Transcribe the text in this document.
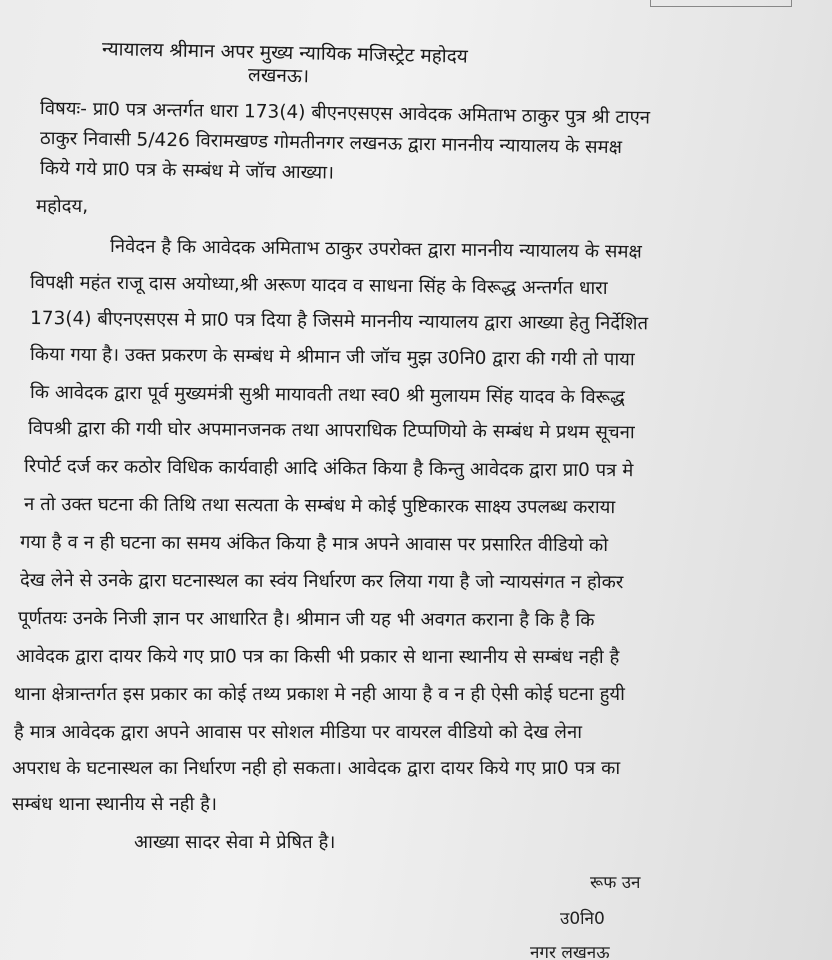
न्यायालय श्रीमान अपर मुख्य न्यायिक मजिस्ट्रेट महोदय
लखनऊ।
विषयः- प्रा0 पत्र अन्तर्गत धारा 173(4) बीएनएसएस आवेदक अमिताभ ठाकुर पुत्र श्री टाएन
ठाकुर निवासी 5/426 विरामखण्ड गोमतीनगर लखनऊ द्वारा माननीय न्यायालय के समक्ष
किये गये प्रा0 पत्र के सम्बंध मे जॉच आख्या।
महोदय,
निवेदन है कि आवेदक अमिताभ ठाकुर उपरोक्त द्वारा माननीय न्यायालय के समक्ष
विपक्षी महंत राजू दास अयोध्या,श्री अरूण यादव व साधना सिंह के विरूद्ध अन्तर्गत धारा
173(4) बीएनएसएस मे प्रा0 पत्र दिया है जिसमे माननीय न्यायालय द्वारा आख्या हेतु निर्देशित
किया गया है। उक्त प्रकरण के सम्बंध मे श्रीमान जी जॉच मुझ उ0नि0 द्वारा की गयी तो पाया
कि आवेदक द्वारा पूर्व मुख्यमंत्री सुश्री मायावती तथा स्व0 श्री मुलायम सिंह यादव के विरूद्ध
विपश्री द्वारा की गयी घोर अपमानजनक तथा आपराधिक टिप्पणियो के सम्बंध मे प्रथम सूचना
रिपोर्ट दर्ज कर कठोर विधिक कार्यवाही आदि अंकित किया है किन्तु आवेदक द्वारा प्रा0 पत्र मे
न तो उक्त घटना की तिथि तथा सत्यता के सम्बंध मे कोई पुष्टिकारक साक्ष्य उपलब्ध कराया
गया है व न ही घटना का समय अंकित किया है मात्र अपने आवास पर प्रसारित वीडियो को
देख लेने से उनके द्वारा घटनास्थल का स्वंय निर्धारण कर लिया गया है जो न्यायसंगत न होकर
पूर्णतयः उनके निजी ज्ञान पर आधारित है। श्रीमान जी यह भी अवगत कराना है कि है कि
आवेदक द्वारा दायर किये गए प्रा0 पत्र का किसी भी प्रकार से थाना स्थानीय से सम्बंध नही है
थाना क्षेत्रान्तर्गत इस प्रकार का कोई तथ्य प्रकाश मे नही आया है व न ही ऐसी कोई घटना हुयी
है मात्र आवेदक द्वारा अपने आवास पर सोशल मीडिया पर वायरल वीडियो को देख लेना
अपराध के घटनास्थल का निर्धारण नही हो सकता। आवेदक द्वारा दायर किये गए प्रा0 पत्र का
सम्बंध थाना स्थानीय से नही है।
आख्या सादर सेवा मे प्रेषित है।
रूफ उन
उ0नि0
नगर लखनऊ
